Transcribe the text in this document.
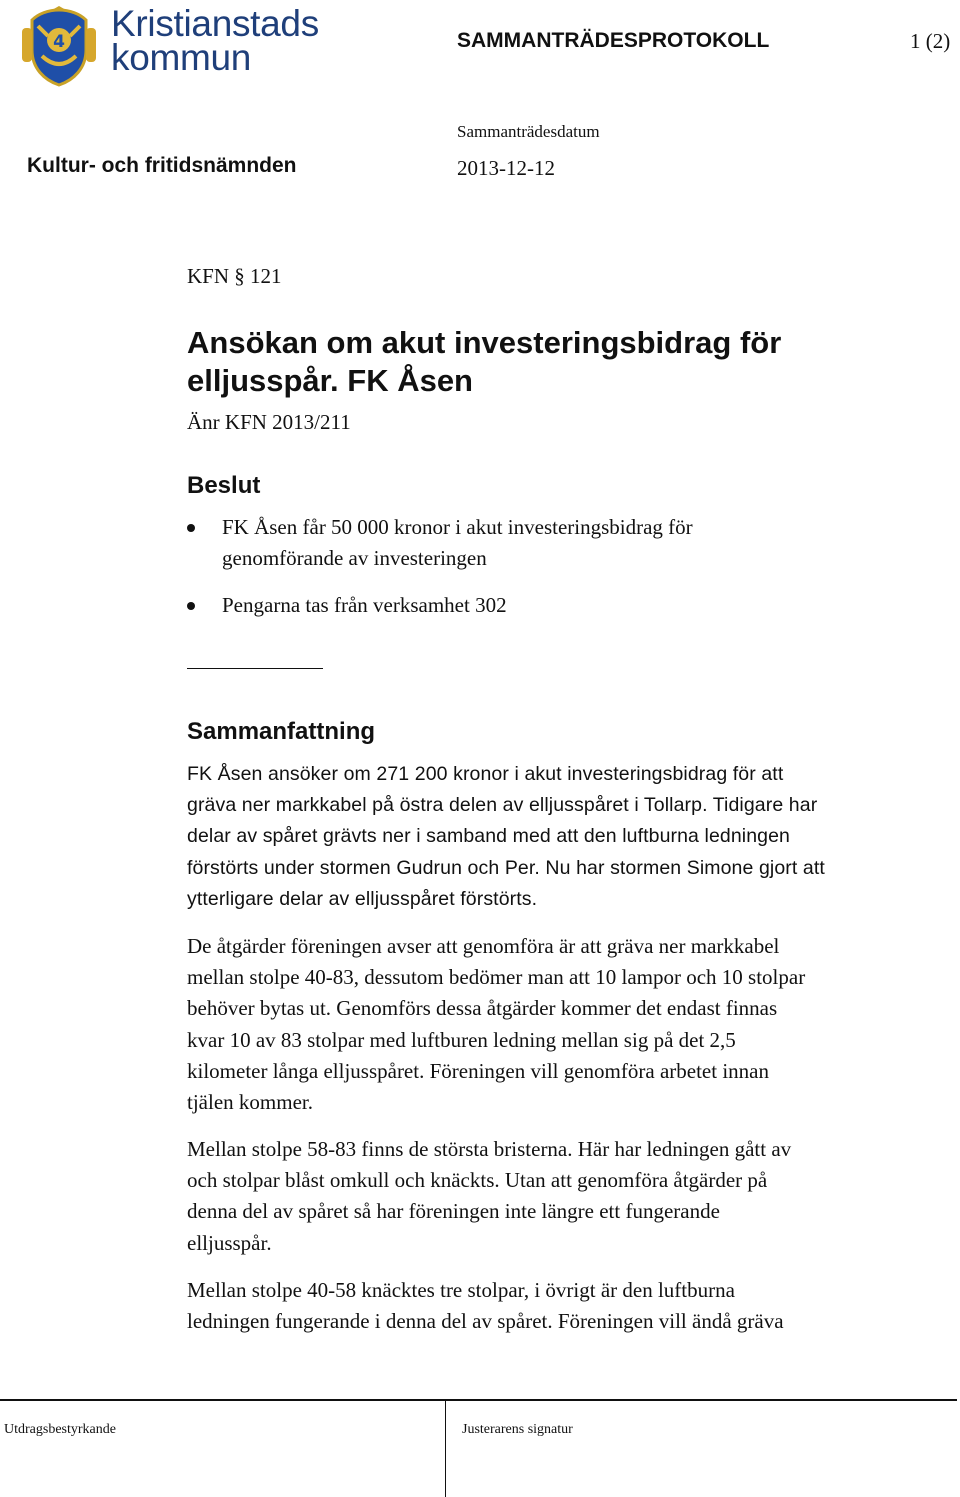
4 Kristianstads
kommun	SAMMANTRÄDESPROTOKOLL	1 (2)
Sammanträdesdatum
Kultur- och fritidsnämnden	2013-12-12
KFN § 121
Ansökan om akut investeringsbidrag för
elljusspår. FK Åsen
Änr KFN 2013/211
Beslut
FK Åsen får 50 000 kronor i akut investeringsbidrag för
genomförande av investeringen
Pengarna tas från verksamhet 302
Sammanfattning
FK Åsen ansöker om 271 200 kronor i akut investeringsbidrag för att
gräva ner markkabel på östra delen av elljusspåret i Tollarp. Tidigare har
delar av spåret grävts ner i samband med att den luftburna ledningen
förstörts under stormen Gudrun och Per. Nu har stormen Simone gjort att
ytterligare delar av elljusspåret förstörts.
De åtgärder föreningen avser att genomföra är att gräva ner markkabel
mellan stolpe 40-83, dessutom bedömer man att 10 lampor och 10 stolpar
behöver bytas ut. Genomförs dessa åtgärder kommer det endast finnas
kvar 10 av 83 stolpar med luftburen ledning mellan sig på det 2,5
kilometer långa elljusspåret. Föreningen vill genomföra arbetet innan
tjälen kommer.
Mellan stolpe 58-83 finns de största bristerna. Här har ledningen gått av
och stolpar blåst omkull och knäckts. Utan att genomföra åtgärder på
denna del av spåret så har föreningen inte längre ett fungerande
elljusspår.
Mellan stolpe 40-58 knäcktes tre stolpar, i övrigt är den luftburna
ledningen fungerande i denna del av spåret. Föreningen vill ändå gräva
Utdragsbestyrkande	Justerarens signatur
